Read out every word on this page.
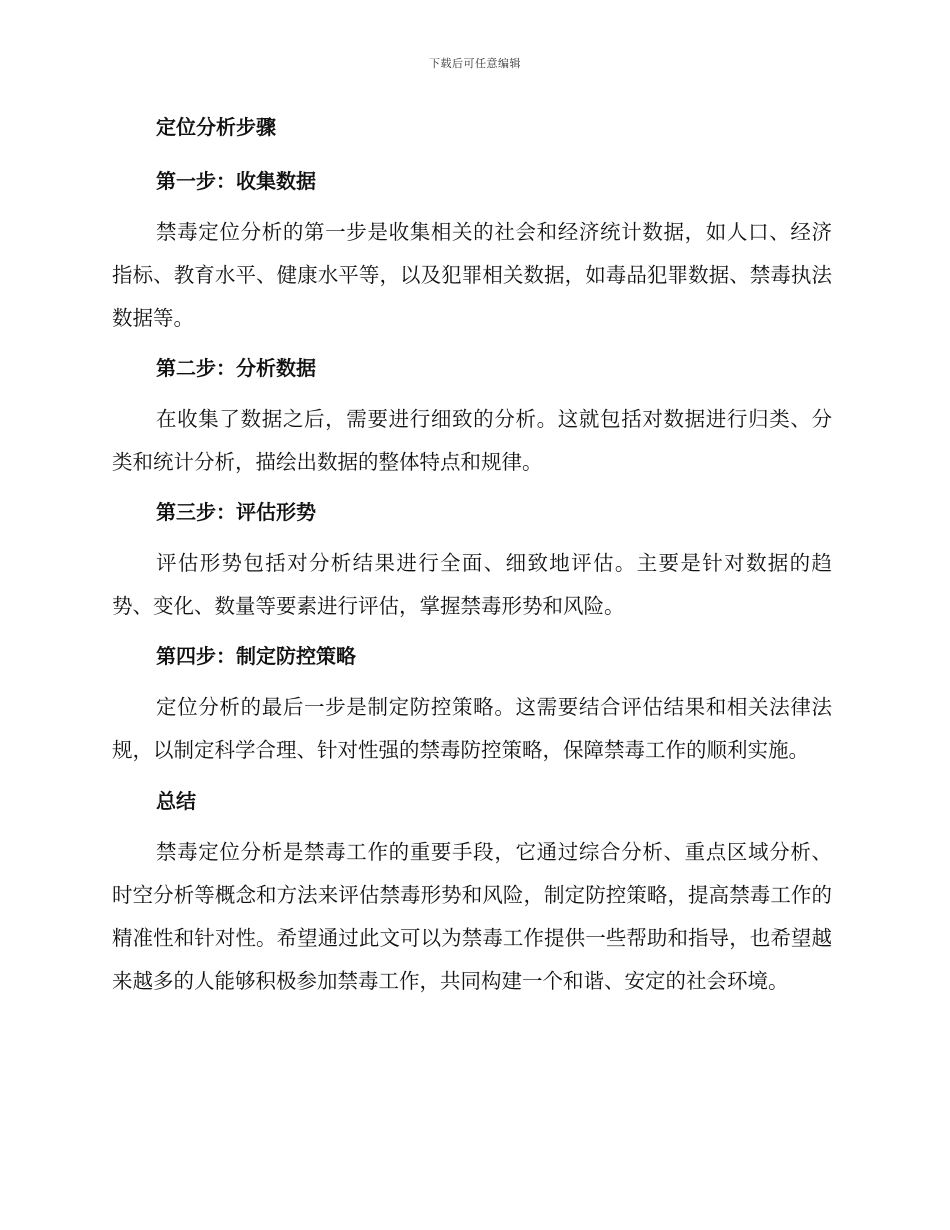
下载后可任意编辑

定位分析步骤

第一步：收集数据

禁毒定位分析的第一步是收集相关的社会和经济统计数据，如人口、经济指标、教育水平、健康水平等，以及犯罪相关数据，如毒品犯罪数据、禁毒执法数据等。

第二步：分析数据

在收集了数据之后，需要进行细致的分析。这就包括对数据进行归类、分类和统计分析，描绘出数据的整体特点和规律。

第三步：评估形势

评估形势包括对分析结果进行全面、细致地评估。主要是针对数据的趋势、变化、数量等要素进行评估，掌握禁毒形势和风险。

第四步：制定防控策略

定位分析的最后一步是制定防控策略。这需要结合评估结果和相关法律法规，以制定科学合理、针对性强的禁毒防控策略，保障禁毒工作的顺利实施。

总结

禁毒定位分析是禁毒工作的重要手段，它通过综合分析、重点区域分析、时空分析等概念和方法来评估禁毒形势和风险，制定防控策略，提高禁毒工作的精准性和针对性。希望通过此文可以为禁毒工作提供一些帮助和指导，也希望越来越多的人能够积极参加禁毒工作，共同构建一个和谐、安定的社会环境。
